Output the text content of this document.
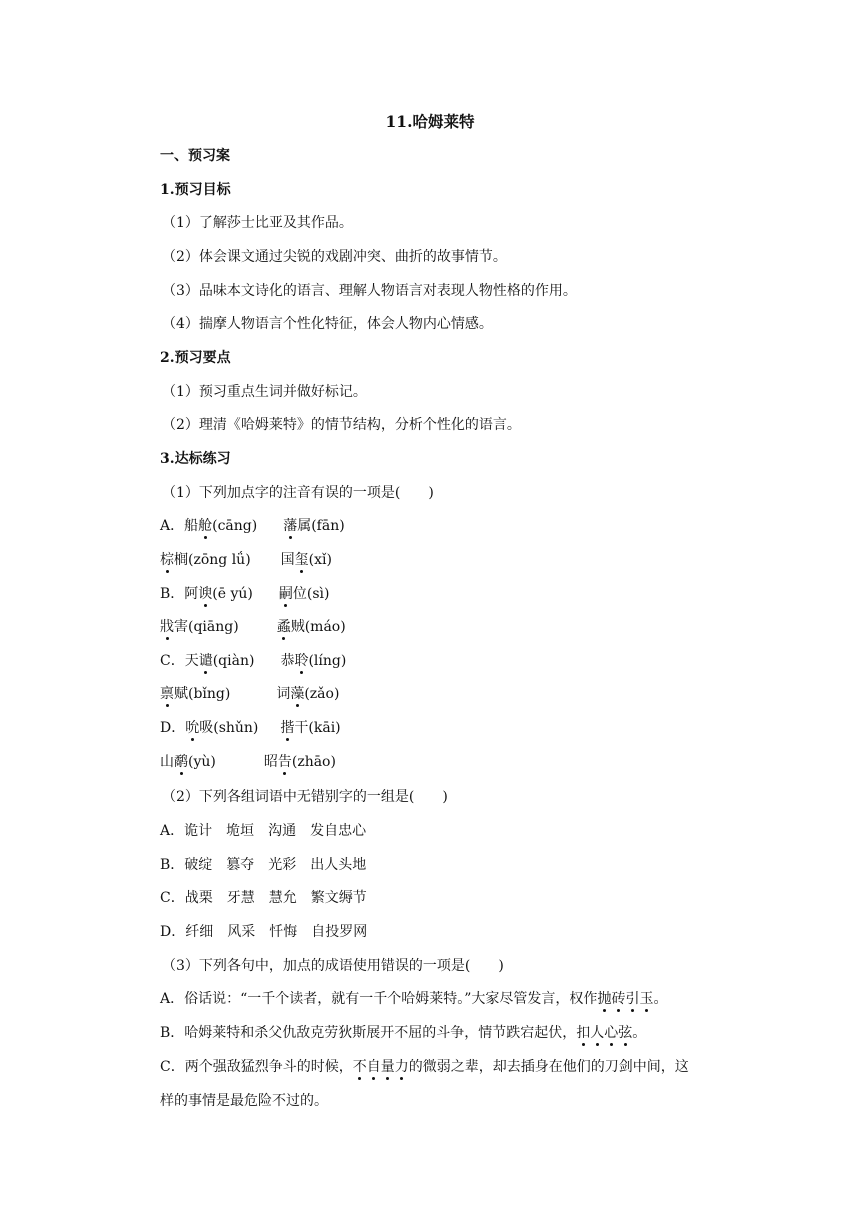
11.哈姆莱特
一、预习案
1.预习目标
（1）了解莎士比亚及其作品。
（2）体会课文通过尖锐的戏剧冲突、曲折的故事情节。
（3）品味本文诗化的语言、理解人物语言对表现人物性格的作用。
（4）揣摩人物语言个性化特征，体会人物内心情感。
2.预习要点
（1）预习重点生词并做好标记。
（2）理清《哈姆莱特》的情节结构，分析个性化的语言。
3.达标练习
（1）下列加点字的注音有误的一项是(　　)
A．船舱(cāng) 藩属(fān)
棕榈(zōng lǘ) 国玺(xǐ)
B．阿谀(ē yú) 嗣位(sì)
戕害(qiāng)	蟊贼(máo)
C．天谴(qiàn) 恭聆(líng)
禀赋(bǐng)	词藻(zǎo)
D．吮吸(shǔn) 揩干(kāi)
山鹬(yù)	昭告(zhāo)
（2）下列各组词语中无错别字的一组是(　　)
A．诡计　垝垣　沟通　发自忠心
B．破绽　篡夺　光彩　出人头地
C．战栗　牙慧　慧允　繁文缛节
D．纤细　风采　忏悔　自投罗网
（3）下列各句中，加点的成语使用错误的一项是(　　)
A．俗话说：“一千个读者，就有一千个哈姆莱特。”大家尽管发言，权作抛砖引玉。
B．哈姆莱特和杀父仇敌克劳狄斯展开不屈的斗争，情节跌宕起伏，扣人心弦。
C．两个强敌猛烈争斗的时候，不自量力的微弱之辈，却去插身在他们的刀剑中间，这
样的事情是最危险不过的。
